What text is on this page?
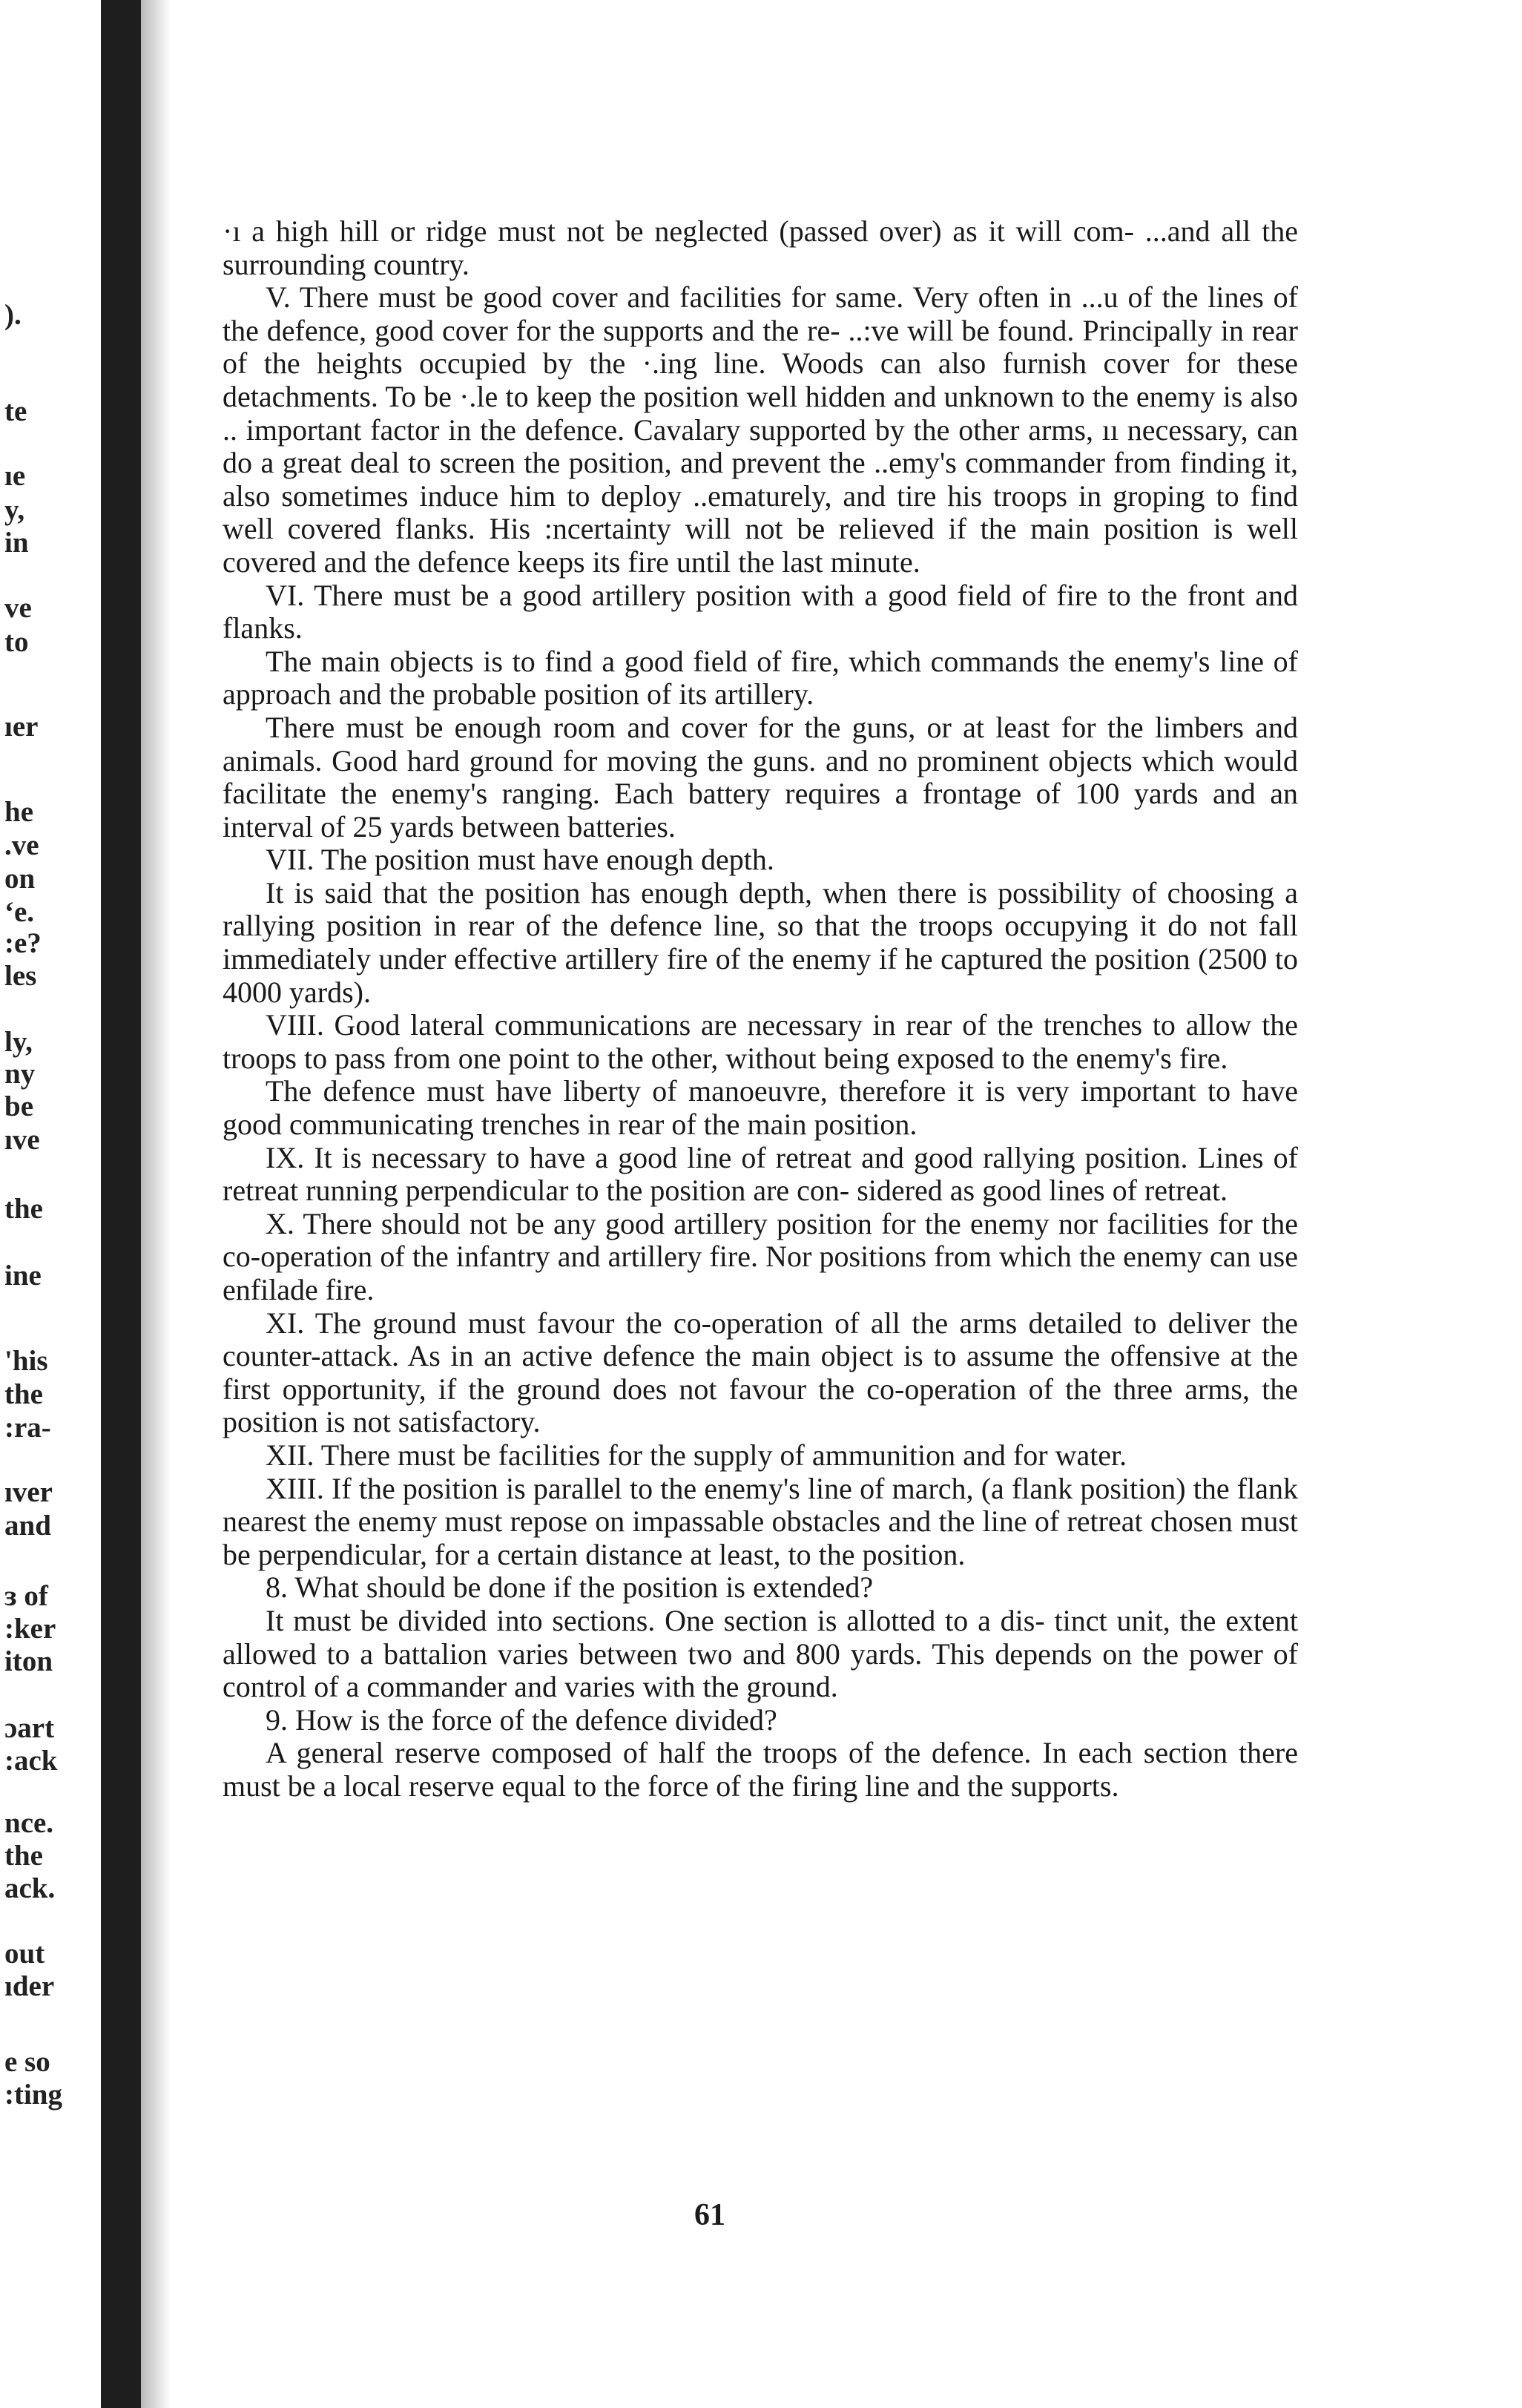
).
te
ıe
y,
in
ve
to
ıer
he
.ve
on
ʻe.
:e?
les
ly,
ny
be
ıve
the
ine
'his
the
:ra-
ıver
and
ɜ of
:ker
iton
ɔart
:ack
nce.
the
ack.
out
ıder
e so
:ting

·ı a high hill or ridge must not be neglected (passed over) as it will com- ...and all the surrounding country.

V. There must be good cover and facilities for same. Very often in ...u of the lines of the defence, good cover for the supports and the re- ..:ve will be found. Principally in rear of the heights occupied by the ·.ing line. Woods can also furnish cover for these detachments. To be ·.le to keep the position well hidden and unknown to the enemy is also .. important factor in the defence. Cavalary supported by the other arms, ıı necessary, can do a great deal to screen the position, and prevent the ..emy's commander from finding it, also sometimes induce him to deploy ..ematurely, and tire his troops in groping to find well covered flanks. His :ncertainty will not be relieved if the main position is well covered and the defence keeps its fire until the last minute.

VI. There must be a good artillery position with a good field of fire to the front and flanks.

The main objects is to find a good field of fire, which commands the enemy's line of approach and the probable position of its artillery.

There must be enough room and cover for the guns, or at least for the limbers and animals. Good hard ground for moving the guns. and no prominent objects which would facilitate the enemy's ranging. Each battery requires a frontage of 100 yards and an interval of 25 yards between batteries.

VII. The position must have enough depth.

It is said that the position has enough depth, when there is possibility of choosing a rallying position in rear of the defence line, so that the troops occupying it do not fall immediately under effective artillery fire of the enemy if he captured the position (2500 to 4000 yards).

VIII. Good lateral communications are necessary in rear of the trenches to allow the troops to pass from one point to the other, without being exposed to the enemy's fire.

The defence must have liberty of manoeuvre, therefore it is very important to have good communicating trenches in rear of the main position.

IX. It is necessary to have a good line of retreat and good rallying position. Lines of retreat running perpendicular to the position are con- sidered as good lines of retreat.

X. There should not be any good artillery position for the enemy nor facilities for the co-operation of the infantry and artillery fire. Nor positions from which the enemy can use enfilade fire.

XI. The ground must favour the co-operation of all the arms detailed to deliver the counter-attack. As in an active defence the main object is to assume the offensive at the first opportunity, if the ground does not favour the co-operation of the three arms, the position is not satisfactory.

XII. There must be facilities for the supply of ammunition and for water.

XIII. If the position is parallel to the enemy's line of march, (a flank position) the flank nearest the enemy must repose on impassable obstacles and the line of retreat chosen must be perpendicular, for a certain distance at least, to the position.

8. What should be done if the position is extended?

It must be divided into sections. One section is allotted to a dis- tinct unit, the extent allowed to a battalion varies between two and 800 yards. This depends on the power of control of a commander and varies with the ground.

9. How is the force of the defence divided?

A general reserve composed of half the troops of the defence. In each section there must be a local reserve equal to the force of the firing line and the supports.

61
